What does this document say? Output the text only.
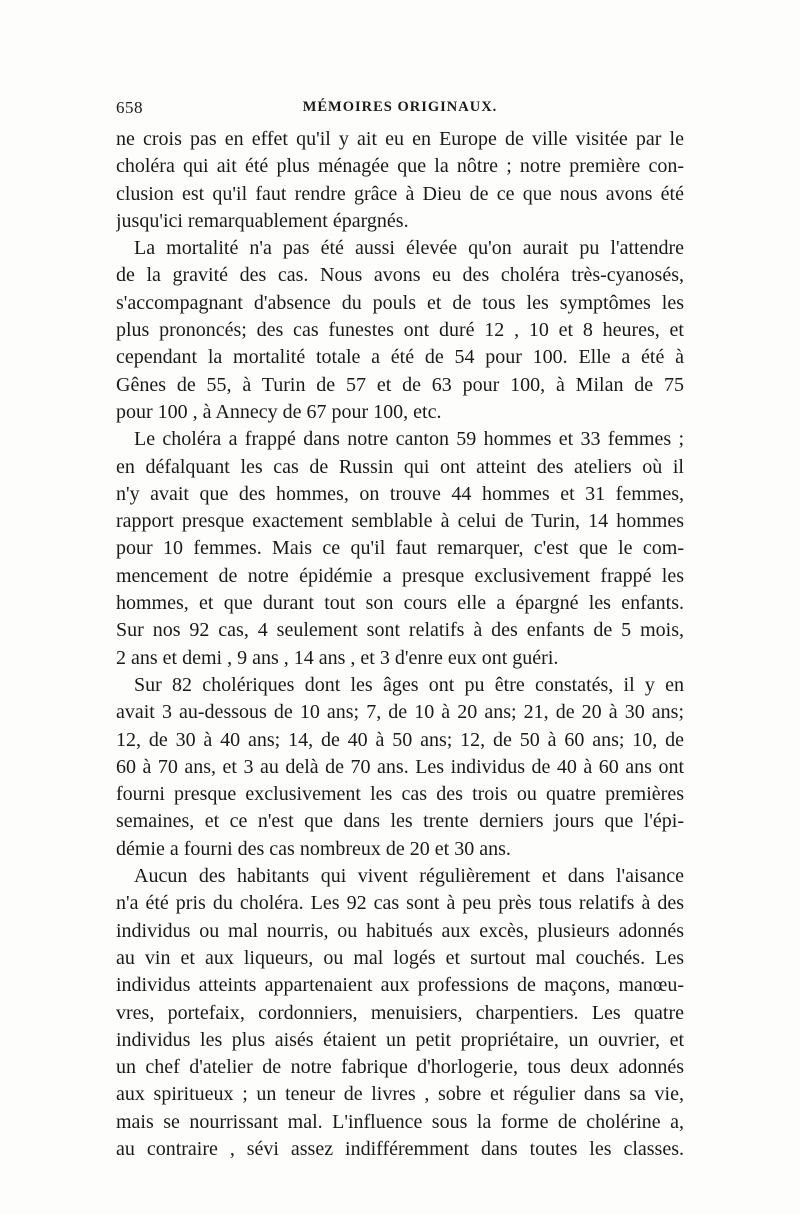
658	MÉMOIRES ORIGINAUX.
ne crois pas en effet qu'il y ait eu en Europe de ville visitée par le
choléra qui ait été plus ménagée que la nôtre ; notre première con-
clusion est qu'il faut rendre grâce à Dieu de ce que nous avons été
jusqu'ici remarquablement épargnés.
La mortalité n'a pas été aussi élevée qu'on aurait pu l'attendre
de la gravité des cas. Nous avons eu des choléra très-cyanosés,
s'accompagnant d'absence du pouls et de tous les symptômes les
plus prononcés; des cas funestes ont duré 12 , 10 et 8 heures, et
cependant la mortalité totale a été de 54 pour 100. Elle a été à
Gênes de 55, à Turin de 57 et de 63 pour 100, à Milan de 75
pour 100 , à Annecy de 67 pour 100, etc.
Le choléra a frappé dans notre canton 59 hommes et 33 femmes ;
en défalquant les cas de Russin qui ont atteint des ateliers où il
n'y avait que des hommes, on trouve 44 hommes et 31 femmes,
rapport presque exactement semblable à celui de Turin, 14 hommes
pour 10 femmes. Mais ce qu'il faut remarquer, c'est que le com-
mencement de notre épidémie a presque exclusivement frappé les
hommes, et que durant tout son cours elle a épargné les enfants.
Sur nos 92 cas, 4 seulement sont relatifs à des enfants de 5 mois,
2 ans et demi , 9 ans , 14 ans , et 3 d'enre eux ont guéri.
Sur 82 cholériques dont les âges ont pu être constatés, il y en
avait 3 au-dessous de 10 ans; 7, de 10 à 20 ans; 21, de 20 à 30 ans;
12, de 30 à 40 ans; 14, de 40 à 50 ans; 12, de 50 à 60 ans; 10, de
60 à 70 ans, et 3 au delà de 70 ans. Les individus de 40 à 60 ans ont
fourni presque exclusivement les cas des trois ou quatre premières
semaines, et ce n'est que dans les trente derniers jours que l'épi-
démie a fourni des cas nombreux de 20 et 30 ans.
Aucun des habitants qui vivent régulièrement et dans l'aisance
n'a été pris du choléra. Les 92 cas sont à peu près tous relatifs à des
individus ou mal nourris, ou habitués aux excès, plusieurs adonnés
au vin et aux liqueurs, ou mal logés et surtout mal couchés. Les
individus atteints appartenaient aux professions de maçons, manœu-
vres, portefaix, cordonniers, menuisiers, charpentiers. Les quatre
individus les plus aisés étaient un petit propriétaire, un ouvrier, et
un chef d'atelier de notre fabrique d'horlogerie, tous deux adonnés
aux spiritueux ; un teneur de livres , sobre et régulier dans sa vie,
mais se nourrissant mal. L'influence sous la forme de cholérine a,
au contraire , sévi assez indifféremment dans toutes les classes.
